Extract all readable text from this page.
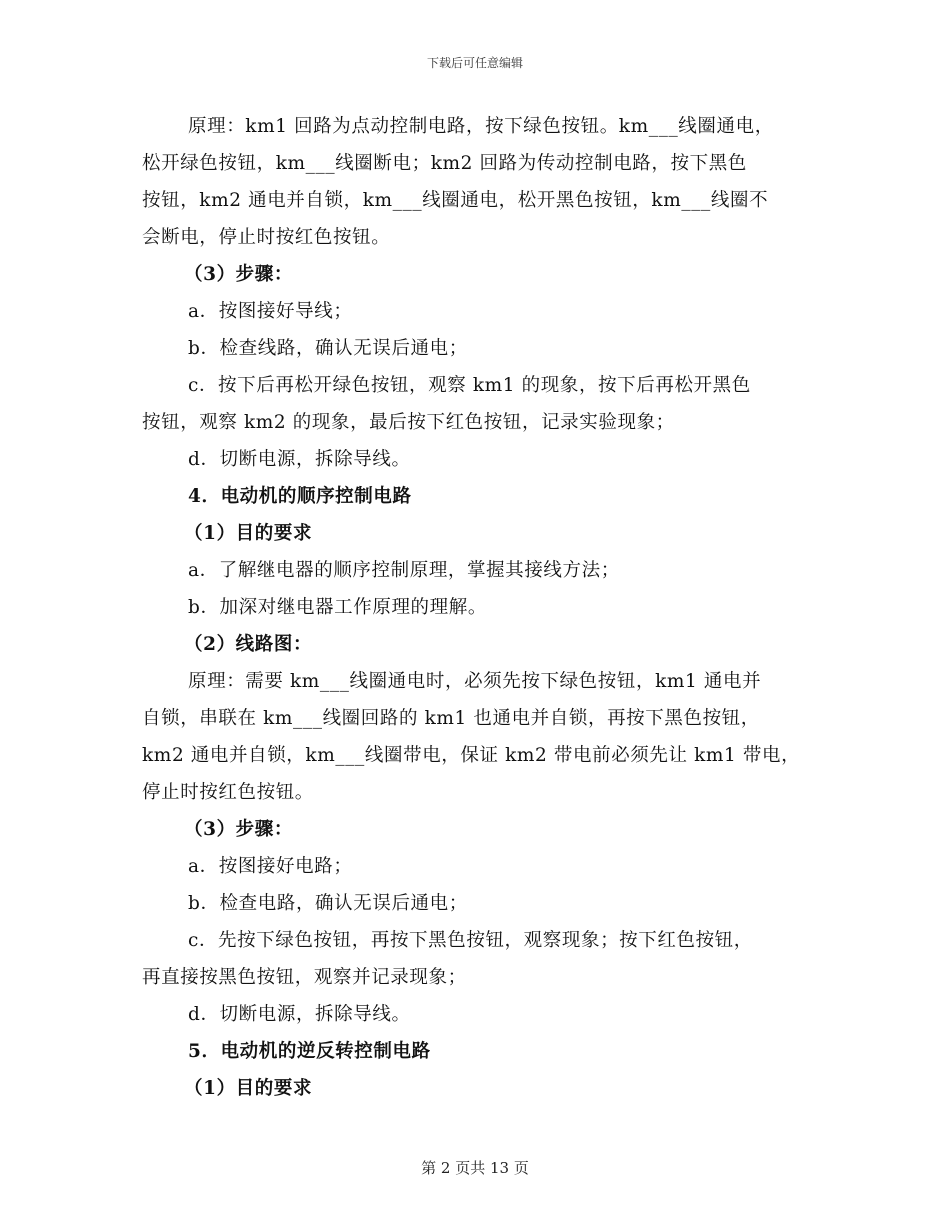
下载后可任意编辑
原理：km1 回路为点动控制电路，按下绿色按钮。km___线圈通电，
松开绿色按钮，km___线圈断电；km2 回路为传动控制电路，按下黑色
按钮，km2 通电并自锁，km___线圈通电，松开黑色按钮，km___线圈不
会断电，停止时按红色按钮。
（3）步骤：
a．按图接好导线；
b．检查线路，确认无误后通电；
c．按下后再松开绿色按钮，观察 km1 的现象，按下后再松开黑色
按钮，观察 km2 的现象，最后按下红色按钮，记录实验现象；
d．切断电源，拆除导线。
4．电动机的顺序控制电路
（1）目的要求
a．了解继电器的顺序控制原理，掌握其接线方法；
b．加深对继电器工作原理的理解。
（2）线路图：
原理：需要 km___线圈通电时，必须先按下绿色按钮，km1 通电并
自锁，串联在 km___线圈回路的 km1 也通电并自锁，再按下黑色按钮，
km2 通电并自锁，km___线圈带电，保证 km2 带电前必须先让 km1 带电，
停止时按红色按钮。
（3）步骤：
a．按图接好电路；
b．检查电路，确认无误后通电；
c．先按下绿色按钮，再按下黑色按钮，观察现象；按下红色按钮，
再直接按黑色按钮，观察并记录现象；
d．切断电源，拆除导线。
5．电动机的逆反转控制电路
（1）目的要求
第 2 页共 13 页
